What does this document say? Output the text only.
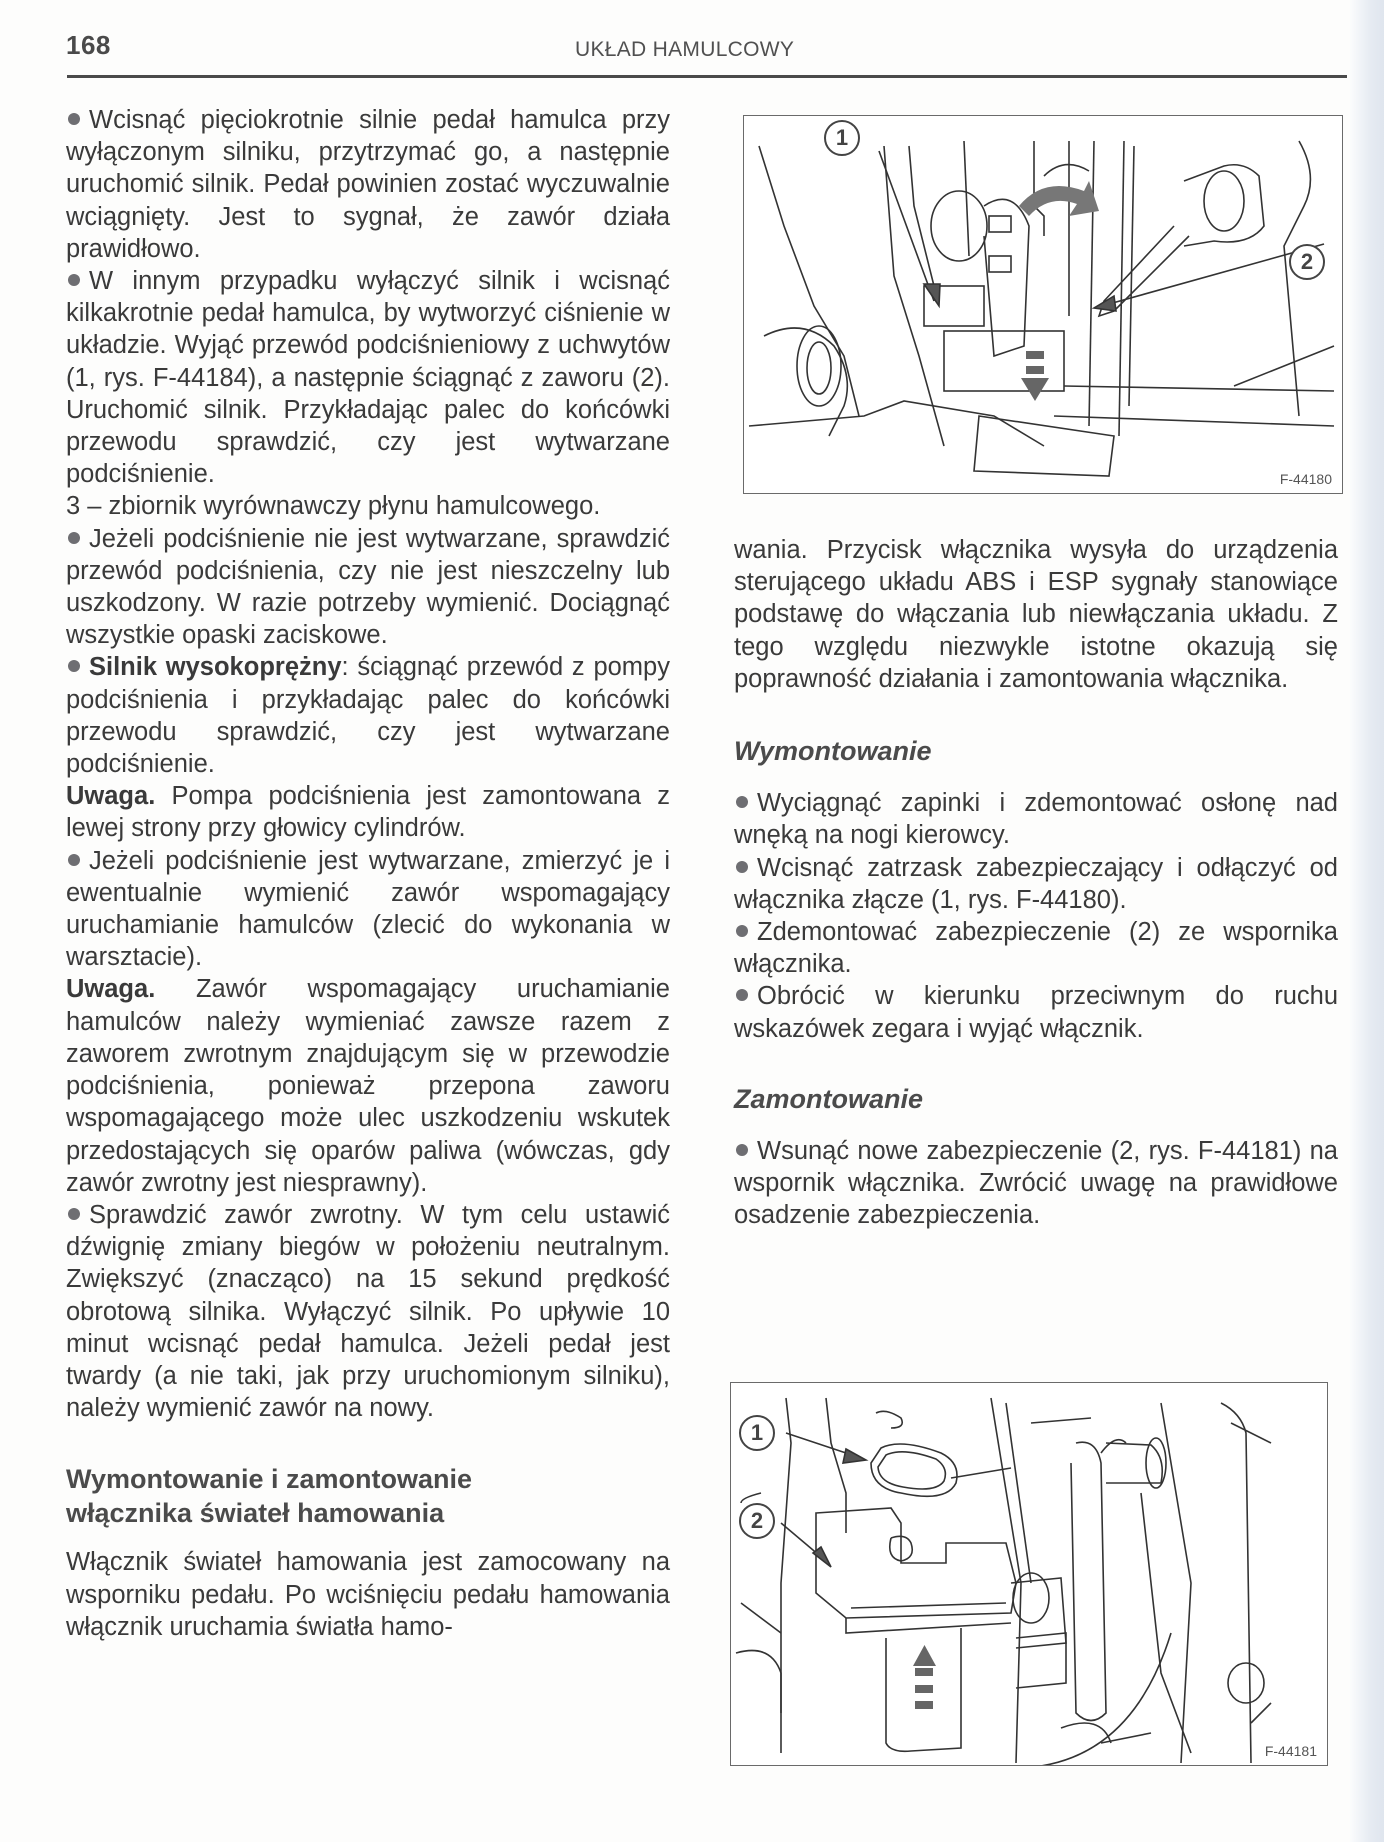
168	UKŁAD HAMULCOWY

Wcisnąć pięciokrotnie silnie pedał hamulca przy wyłączonym silniku, przytrzymać go, a następnie uruchomić silnik. Pedał powinien zostać wyczuwalnie wciągnięty. Jest to sygnał, że zawór działa prawidłowo.

W innym przypadku wyłączyć silnik i wcisnąć kilkakrotnie pedał hamulca, by wytworzyć ciśnienie w układzie. Wyjąć przewód podciśnieniowy z uchwytów (1, rys. F-44184), a następnie ściągnąć z zaworu (2). Uruchomić silnik. Przykładając palec do końcówki przewodu sprawdzić, czy jest wytwarzane podciśnienie.

3 – zbiornik wyrównawczy płynu hamulcowego.

Jeżeli podciśnienie nie jest wytwarzane, sprawdzić przewód podciśnienia, czy nie jest nieszczelny lub uszkodzony. W razie potrzeby wymienić. Dociągnąć wszystkie opaski zaciskowe.

Silnik wysokoprężny: ściągnąć przewód z pompy podciśnienia i przykładając palec do końcówki przewodu sprawdzić, czy jest wytwarzane podciśnienie.

Uwaga. Pompa podciśnienia jest zamontowana z lewej strony przy głowicy cylindrów.

Jeżeli podciśnienie jest wytwarzane, zmierzyć je i ewentualnie wymienić zawór wspomagający uruchamianie hamulców (zlecić do wykonania w warsztacie).

Uwaga. Zawór wspomagający uruchamianie hamulców należy wymieniać zawsze razem z zaworem zwrotnym znajdującym się w przewodzie podciśnienia, ponieważ przepona zaworu wspomagającego może ulec uszkodzeniu wskutek przedostających się oparów paliwa (wówczas, gdy zawór zwrotny jest niesprawny).

Sprawdzić zawór zwrotny. W tym celu ustawić dźwignię zmiany biegów w położeniu neutralnym. Zwiększyć (znacząco) na 15 sekund prędkość obrotową silnika. Wyłączyć silnik. Po upływie 10 minut wcisnąć pedał hamulca. Jeżeli pedał jest twardy (a nie taki, jak przy uruchomionym silniku), należy wymienić zawór na nowy.

Wymontowanie i zamontowanie
włącznika świateł hamowania

Włącznik świateł hamowania jest zamocowany na wsporniku pedału. Po wciśnięciu pedału hamowania włącznik uruchamia światła hamo-

1
2
F-44180

wania. Przycisk włącznika wysyła do urządzenia sterującego układu ABS i ESP sygnały stanowiące podstawę do włączania lub niewłączania układu. Z tego względu niezwykle istotne okazują się poprawność działania i zamontowania włącznika.

Wymontowanie

Wyciągnąć zapinki i zdemontować osłonę nad wnęką na nogi kierowcy.

Wcisnąć zatrzask zabezpieczający i odłączyć od włącznika złącze (1, rys. F-44180).

Zdemontować zabezpieczenie (2) ze wspornika włącznika.

Obrócić w kierunku przeciwnym do ruchu wskazówek zegara i wyjąć włącznik.

Zamontowanie

Wsunąć nowe zabezpieczenie (2, rys. F-44181) na wspornik włącznika. Zwrócić uwagę na prawidłowe osadzenie zabezpieczenia.

1
2
F-44181
